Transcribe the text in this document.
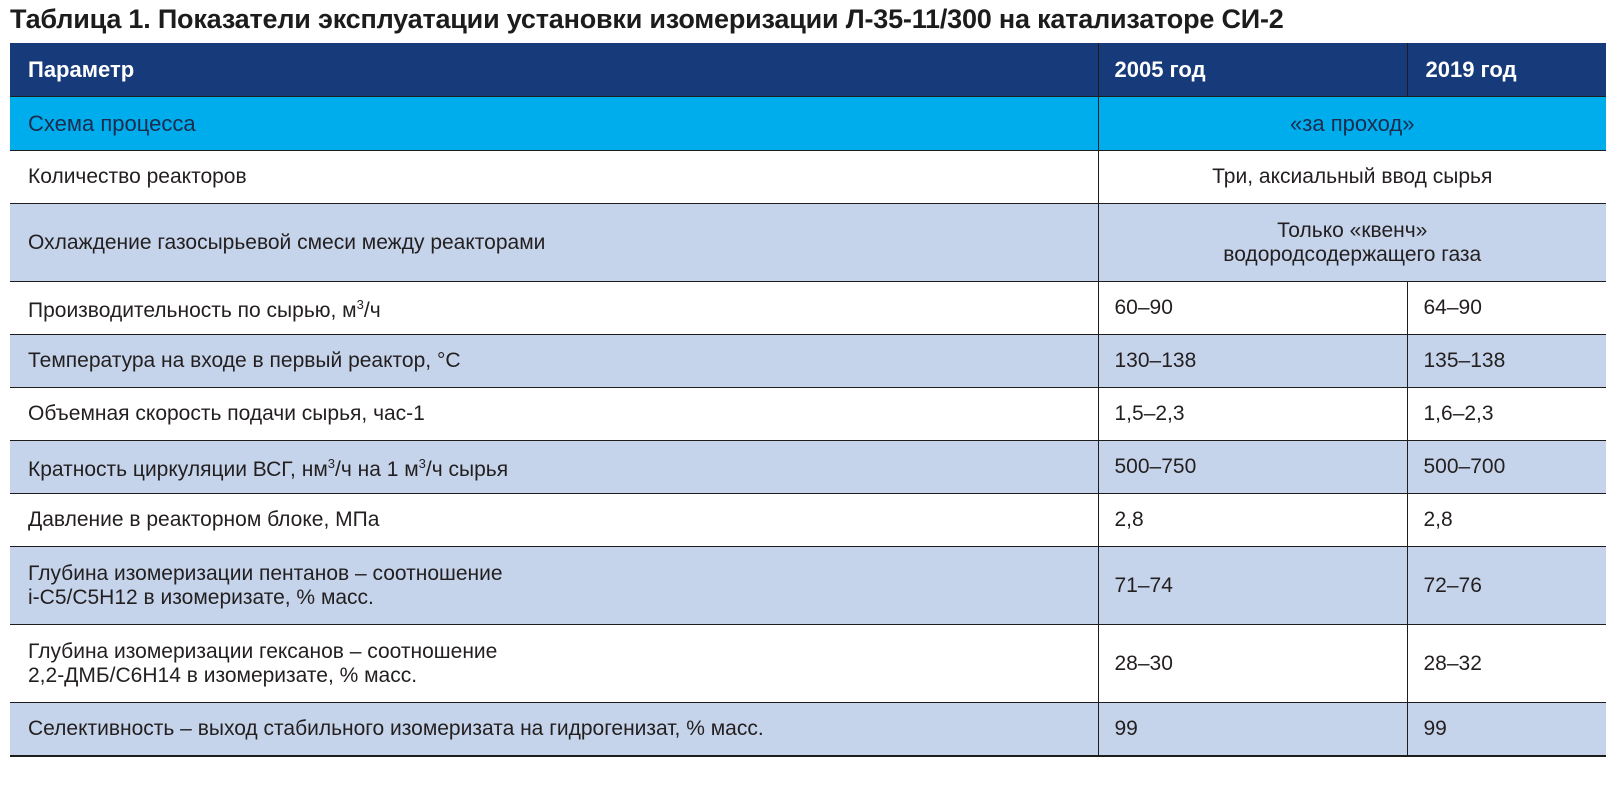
Таблица 1. Показатели эксплуатации установки изомеризации Л-35-11/300 на катализаторе СИ-2
Параметр	2005 год	2019 год
Схема процесса	«за проход»	
Количество реакторов	Три, аксиальный ввод сырья	
Охлаждение газосырьевой смеси между реакторами	Только «квенч»
водородсодержащего газа	

Производительность по сырью, $м^3/ч$	60–90	64–90
Температура на входе в первый реактор, °С	130–138	135–138
Объемная скорость подачи сырья, час-1	1,5–2,3	1,6–2,3
Кратность циркуляции ВСГ, $нм^3/ч$ на 1 $м^3/ч$ сырья	500–750	500–700
Давление в реакторном блоке, МПа	2,8	2,8

Глубина изомеризации пентанов – соотношение
i-С5/С5Н12 в изомеризате, % масс.	71–74	72–76

Глубина изомеризации гексанов – соотношение
2,2-ДМБ/С6Н14 в изомеризате, % масс.	28–30	28–32
Селективность – выход стабильного изомеризата на гидрогенизат, % масс.	99	99
